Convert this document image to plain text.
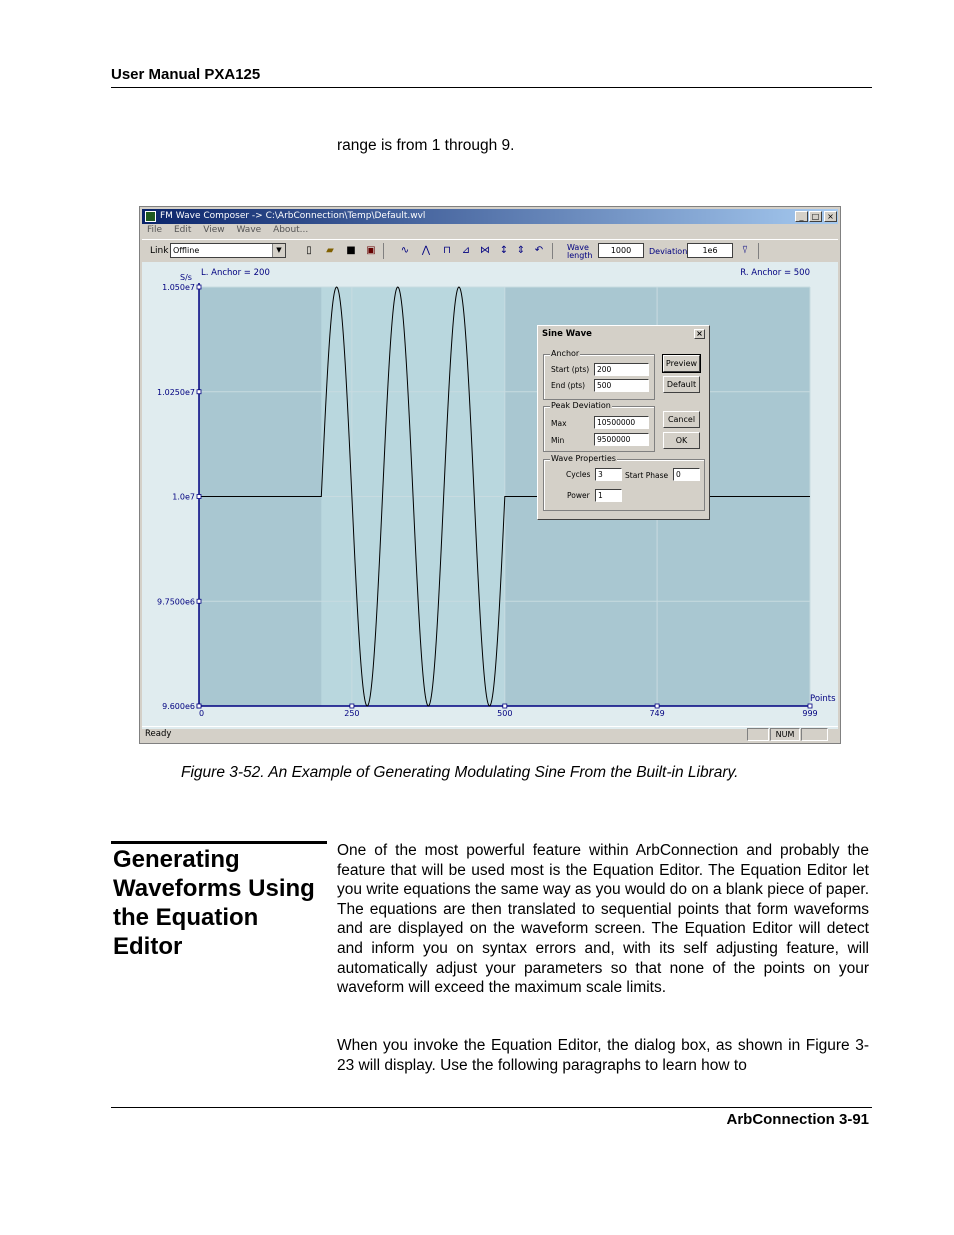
User Manual PXA125
range is from 1 through 9.
FM Wave Composer -> C:\ArbConnection\Temp\Default.wvl	_	□ ×
File Edit View Wave About...
Link Offline	▼	▯	▰	■ ▣	∿ ⋀	⊓	⊿ ⋈ ↕ ⇕ ↶	Wave
length
1000	Deviation	1e6	⍢
1.050e7
1.0250e7
1.0e7
9.7500e6
9.600e6
0	250	500	749	999
S/s
Points
L. Anchor = 200	R. Anchor = 500
Ready	NUM
Sine Wave	×
Anchor
Start (pts)	200
End (pts)	500
Peak Deviation
Max	10500000
Min	9500000
Wave Properties
Cycles	3	Start Phase	0
Power	1
Preview
Default
Cancel
OK
Figure 3-52. An Example of Generating Modulating Sine From the Built-in Library.
Generating Waveforms Using the Equation Editor
One of the most powerful feature within ArbConnection and probably the feature that will be used most is the Equation Editor. The Equation Editor let you write equations the same way as you would do on a blank piece of paper. The equations are then translated to sequential points that form waveforms and are displayed on the waveform screen. The Equation Editor will detect and inform you on syntax errors and, with its self adjusting feature, will automatically adjust your parameters so that none of the points on your waveform will exceed the maximum scale limits.
When you invoke the Equation Editor, the dialog box, as shown in Figure 3-23 will display. Use the following paragraphs to learn how to
ArbConnection 3-91
